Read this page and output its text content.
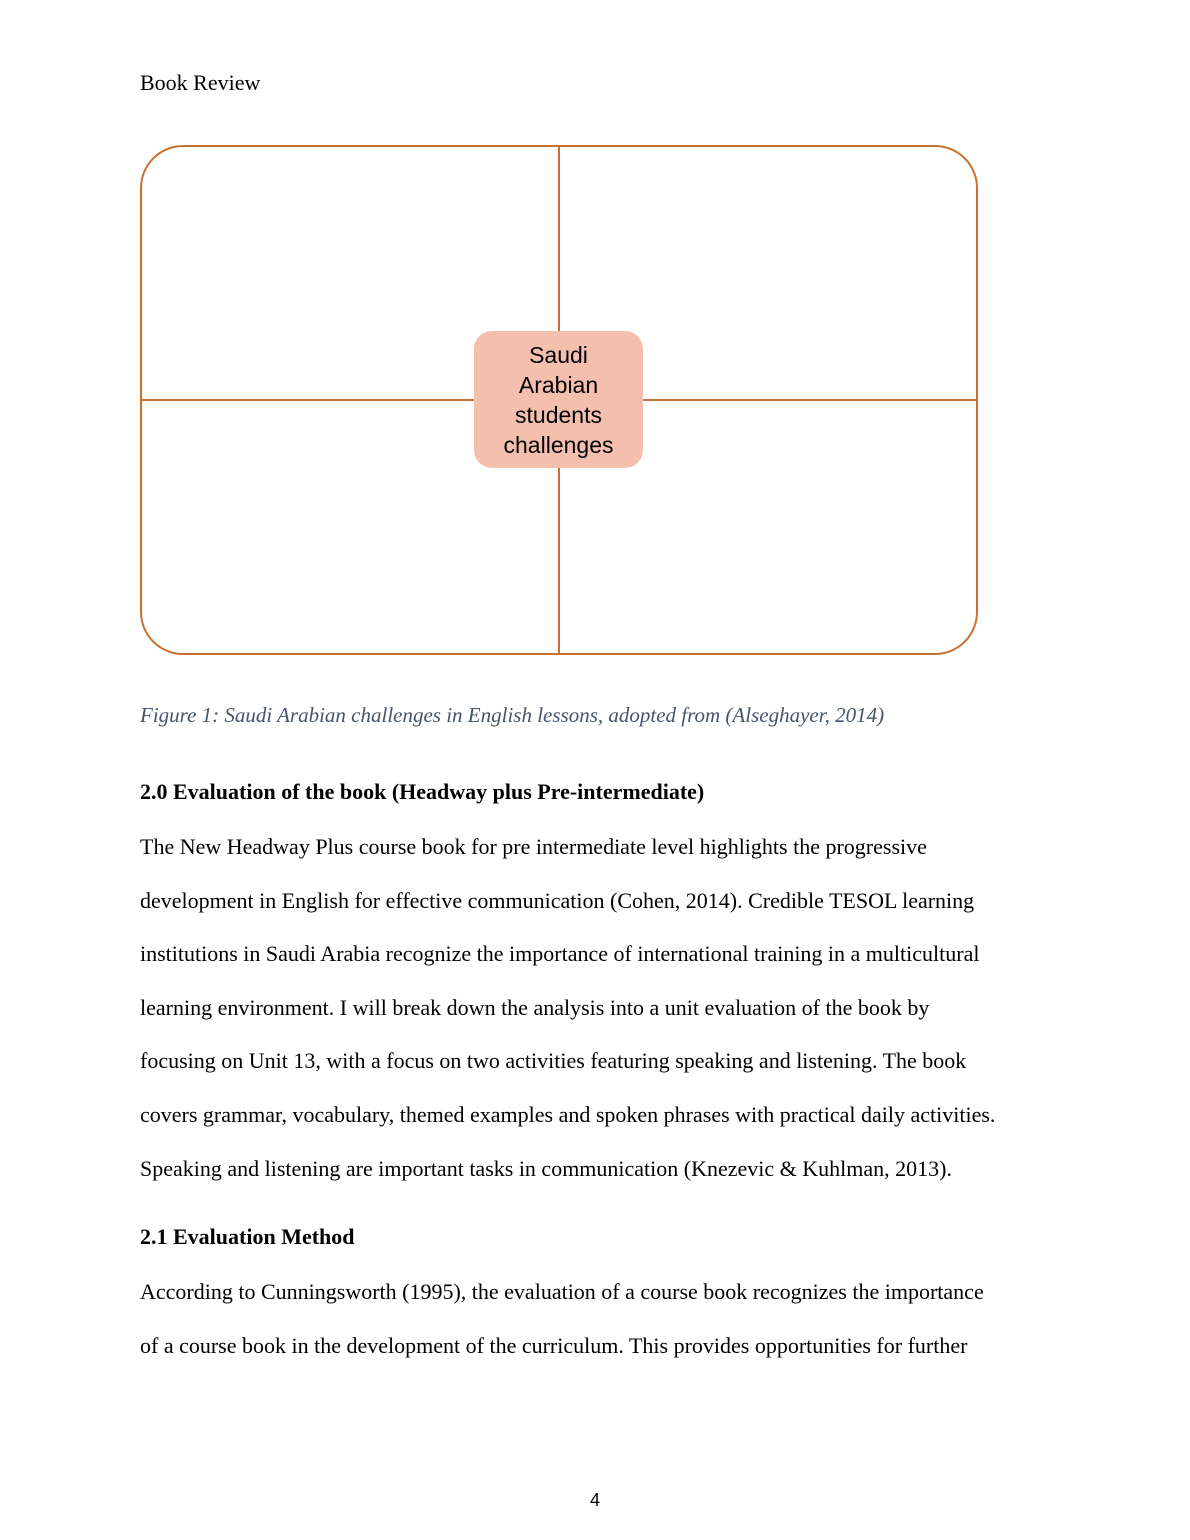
Book Review
Saudi Arabian students challenges
Figure 1: Saudi Arabian challenges in English lessons, adopted from (Alseghayer, 2014)
2.0 Evaluation of the book (Headway plus Pre-intermediate)
The New Headway Plus course book for pre intermediate level highlights the progressive
development in English for effective communication (Cohen, 2014). Credible TESOL learning
institutions in Saudi Arabia recognize the importance of international training in a multicultural
learning environment. I will break down the analysis into a unit evaluation of the book by
focusing on Unit 13, with a focus on two activities featuring speaking and listening. The book
covers grammar, vocabulary, themed examples and spoken phrases with practical daily activities.
Speaking and listening are important tasks in communication (Knezevic & Kuhlman, 2013).
2.1 Evaluation Method
According to Cunningsworth (1995), the evaluation of a course book recognizes the importance
of a course book in the development of the curriculum. This provides opportunities for further
4
